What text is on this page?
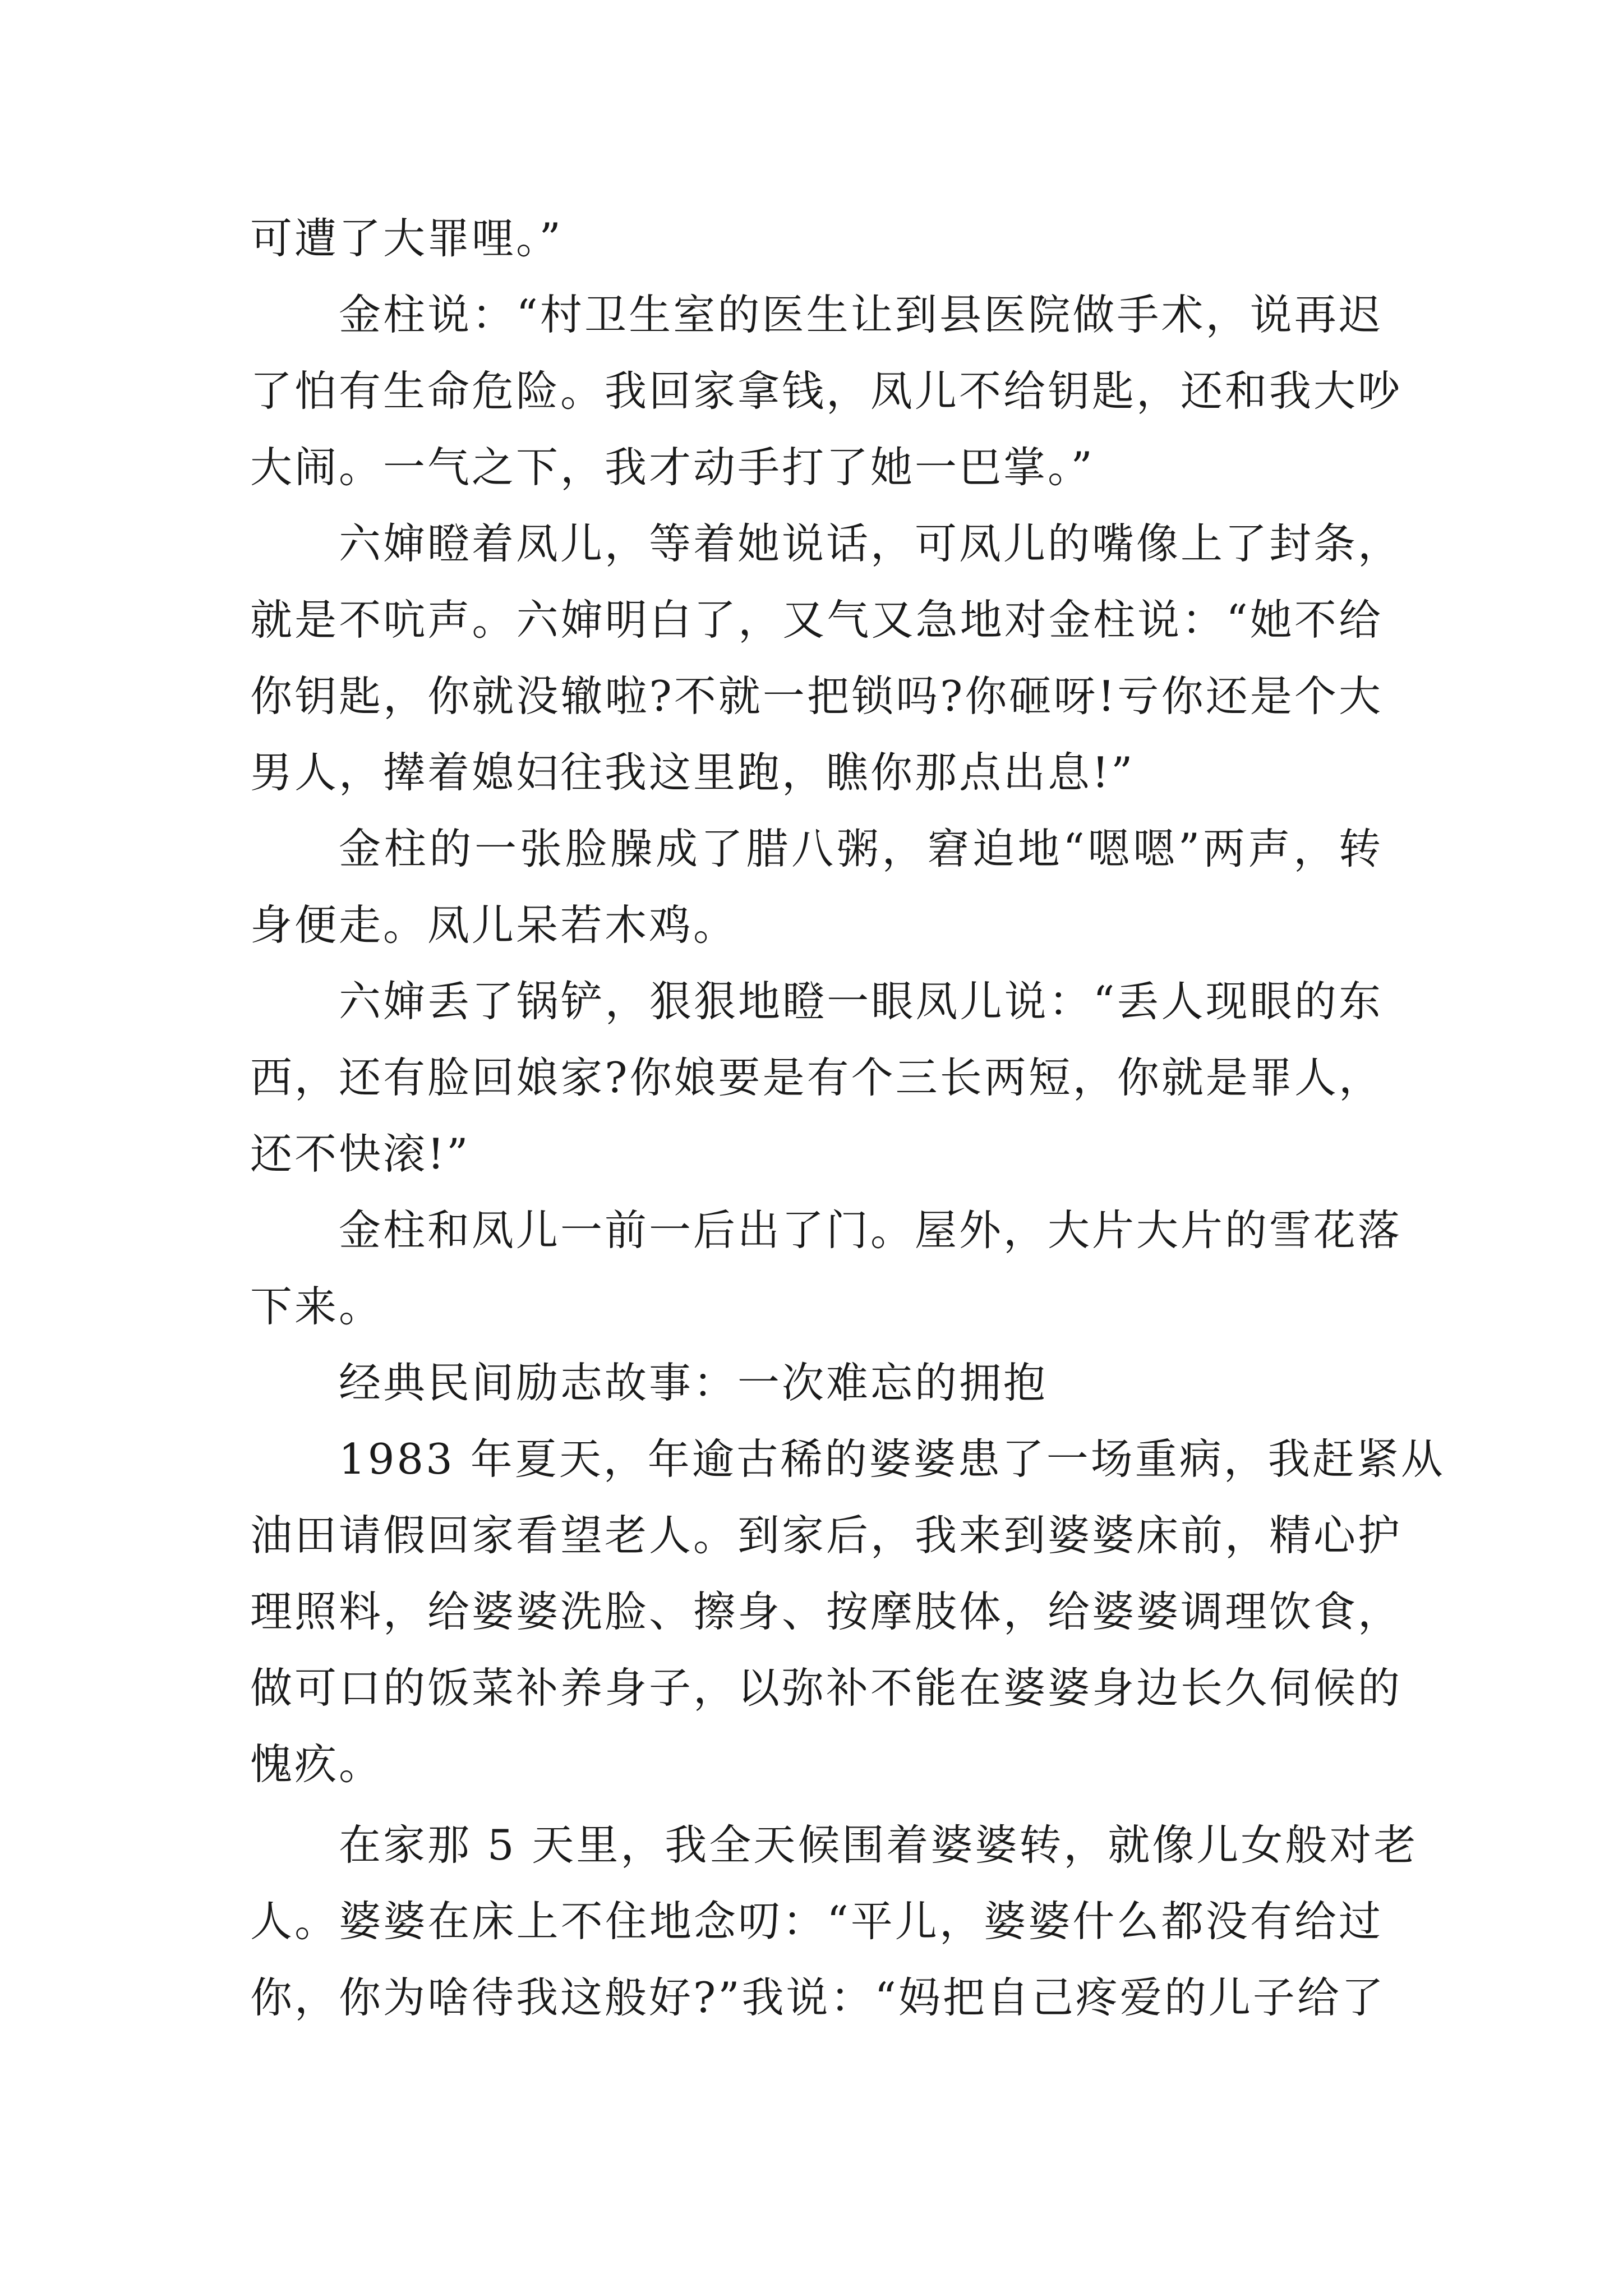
可遭了大罪哩。”
金柱说：“村卫生室的医生让到县医院做手术，说再迟
了怕有生命危险。我回家拿钱，凤儿不给钥匙，还和我大吵
大闹。一气之下，我才动手打了她一巴掌。”
六婶瞪着凤儿，等着她说话，可凤儿的嘴像上了封条，
就是不吭声。六婶明白了，又气又急地对金柱说：“她不给
你钥匙，你就没辙啦?不就一把锁吗?你砸呀!亏你还是个大
男人，撵着媳妇往我这里跑，瞧你那点出息!”
金柱的一张脸臊成了腊八粥，窘迫地“嗯嗯”两声，转
身便走。凤儿呆若木鸡。
六婶丢了锅铲，狠狠地瞪一眼凤儿说：“丢人现眼的东
西，还有脸回娘家?你娘要是有个三长两短，你就是罪人，
还不快滚!”
金柱和凤儿一前一后出了门。屋外，大片大片的雪花落
下来。
经典民间励志故事：一次难忘的拥抱
1983 年夏天，年逾古稀的婆婆患了一场重病，我赶紧从
油田请假回家看望老人。到家后，我来到婆婆床前，精心护
理照料，给婆婆洗脸、擦身、按摩肢体，给婆婆调理饮食，
做可口的饭菜补养身子，以弥补不能在婆婆身边长久伺候的
愧疚。
在家那 5 天里，我全天候围着婆婆转，就像儿女般对老
人。婆婆在床上不住地念叨：“平儿，婆婆什么都没有给过
你，你为啥待我这般好?”我说：“妈把自己疼爱的儿子给了
